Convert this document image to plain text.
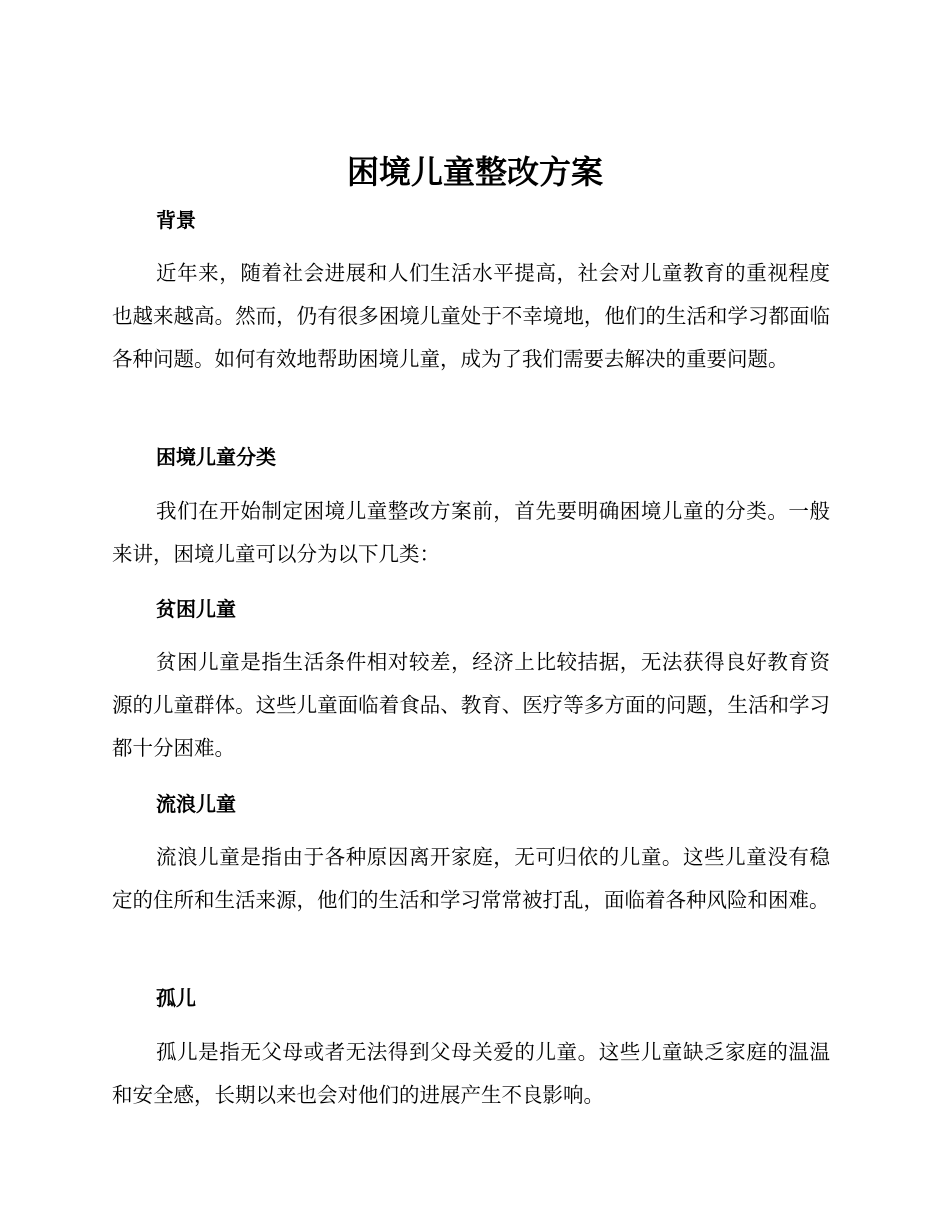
困境儿童整改方案
背景

近年来，随着社会进展和人们生活水平提高，社会对儿童教育的重视程度也越来越高。然而，仍有很多困境儿童处于不幸境地，他们的生活和学习都面临各种问题。如何有效地帮助困境儿童，成为了我们需要去解决的重要问题。

困境儿童分类

我们在开始制定困境儿童整改方案前，首先要明确困境儿童的分类。一般来讲，困境儿童可以分为以下几类：

贫困儿童

贫困儿童是指生活条件相对较差，经济上比较拮据，无法获得良好教育资源的儿童群体。这些儿童面临着食品、教育、医疗等多方面的问题，生活和学习都十分困难。

流浪儿童

流浪儿童是指由于各种原因离开家庭，无可归依的儿童。这些儿童没有稳定的住所和生活来源，他们的生活和学习常常被打乱，面临着各种风险和困难。

孤儿

孤儿是指无父母或者无法得到父母关爱的儿童。这些儿童缺乏家庭的温温和安全感，长期以来也会对他们的进展产生不良影响。
